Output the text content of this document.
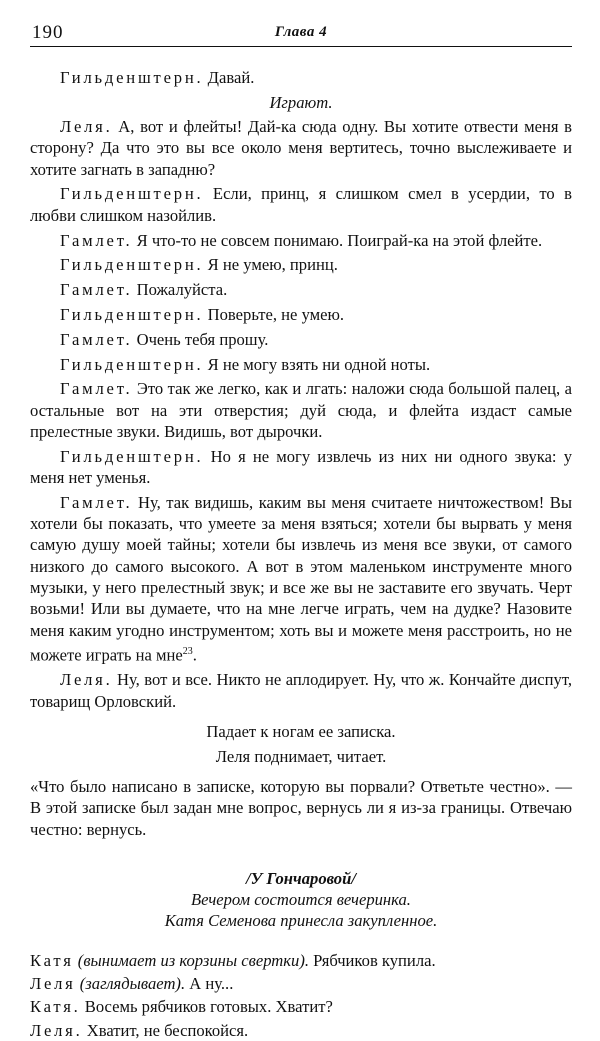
190	Глава 4

Гильденштерн. Давай.

Играют.

Леля. А, вот и флейты! Дай-ка сюда одну. Вы хотите отвести меня в сторону? Да что это вы все около меня вертитесь, точно выслеживаете и хотите загнать в западню?

Гильденштерн. Если, принц, я слишком смел в усердии, то в любви слишком назойлив.

Гамлет. Я что-то не совсем понимаю. Поиграй-ка на этой флейте.

Гильденштерн. Я не умею, принц.

Гамлет. Пожалуйста.

Гильденштерн. Поверьте, не умею.

Гамлет. Очень тебя прошу.

Гильденштерн. Я не могу взять ни одной ноты.

Гамлет. Это так же легко, как и лгать: наложи сюда большой палец, а остальные вот на эти отверстия; дуй сюда, и флейта издаст самые прелестные звуки. Видишь, вот дырочки.

Гильденштерн. Но я не могу извлечь из них ни одного звука: у меня нет уменья.

Гамлет. Ну, так видишь, каким вы меня считаете ничтожеством! Вы хотели бы показать, что умеете за меня взяться; хотели бы вырвать у меня самую душу моей тайны; хотели бы извлечь из меня все звуки, от самого низкого до самого высокого. А вот в этом маленьком инструменте много музыки, у него прелестный звук; и все же вы не заставите его звучать. Черт возьми! Или вы думаете, что на мне легче играть, чем на дудке? Назовите меня каким угодно инструментом; хоть вы и можете меня расстроить, но не можете играть на мне$^{23}$.

Леля. Ну, вот и все. Никто не аплодирует. Ну, что ж. Кончайте диспут, товарищ Орловский.

Падает к ногам ее записка.

Леля поднимает, читает.

«Что было написано в записке, которую вы порвали? Ответьте честно». — В этой записке был задан мне вопрос, вернусь ли я из-за границы. Отвечаю честно: вернусь.

/У Гончаровой/

Вечером состоится вечеринка.

Катя Семенова принесла закупленное.

Катя (вынимает из корзины свертки). Рябчиков купила.

Леля (заглядывает). А ну...

Катя. Восемь рябчиков готовых. Хватит?

Леля. Хватит, не беспокойся.
